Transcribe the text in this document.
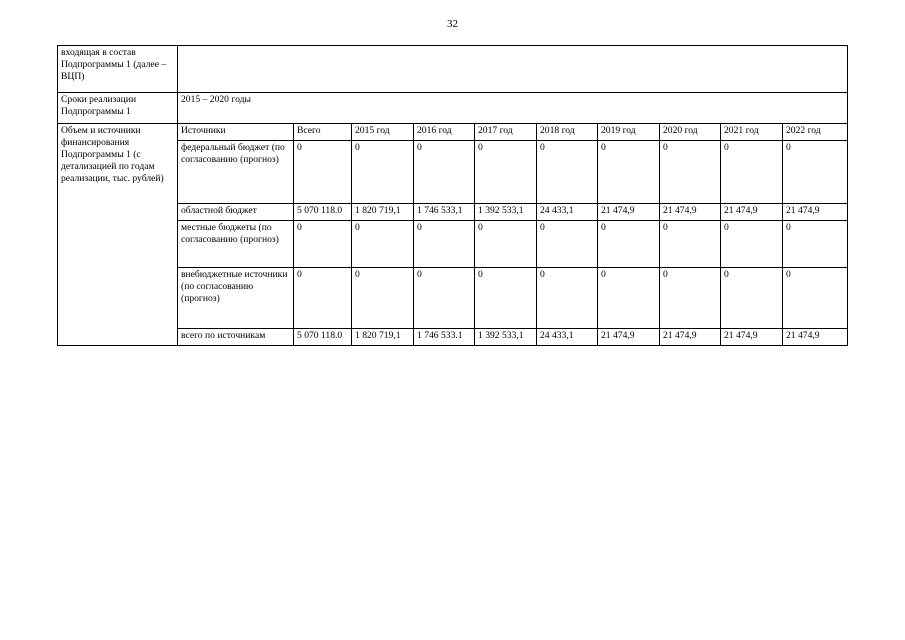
32
входящая в состав Подпрограммы 1 (далее – ВЦП)										
Сроки реализации Подпрограммы 1	2015 – 2020 годы									
Объем и источники финансирования Подпрограммы 1 (с детализацией по годам реализации, тыс. рублей)	Источники	Всего	2015 год	2016 год	2017 год	2018 год	2019 год	2020 год	2021 год	2022 год
	федеральный бюджет (по согласованию (прогноз)	0	0	0	0	0	0	0	0	0
	областной бюджет	5 070 118.0	1 820 719,1	1 746 533,1	1 392 533,1	24 433,1	21 474,9	21 474,9	21 474,9	21 474,9
	местные бюджеты (по согласованию (прогноз)	0	0	0	0	0	0	0	0	0
	внебюджетные источники (по согласованию (прогноз)	0	0	0	0	0	0	0	0	0
	всего по источникам	5 070 118.0	1 820 719,1	1 746 533.1	1 392 533,1	24 433,1	21 474,9	21 474,9	21 474,9	21 474,9
